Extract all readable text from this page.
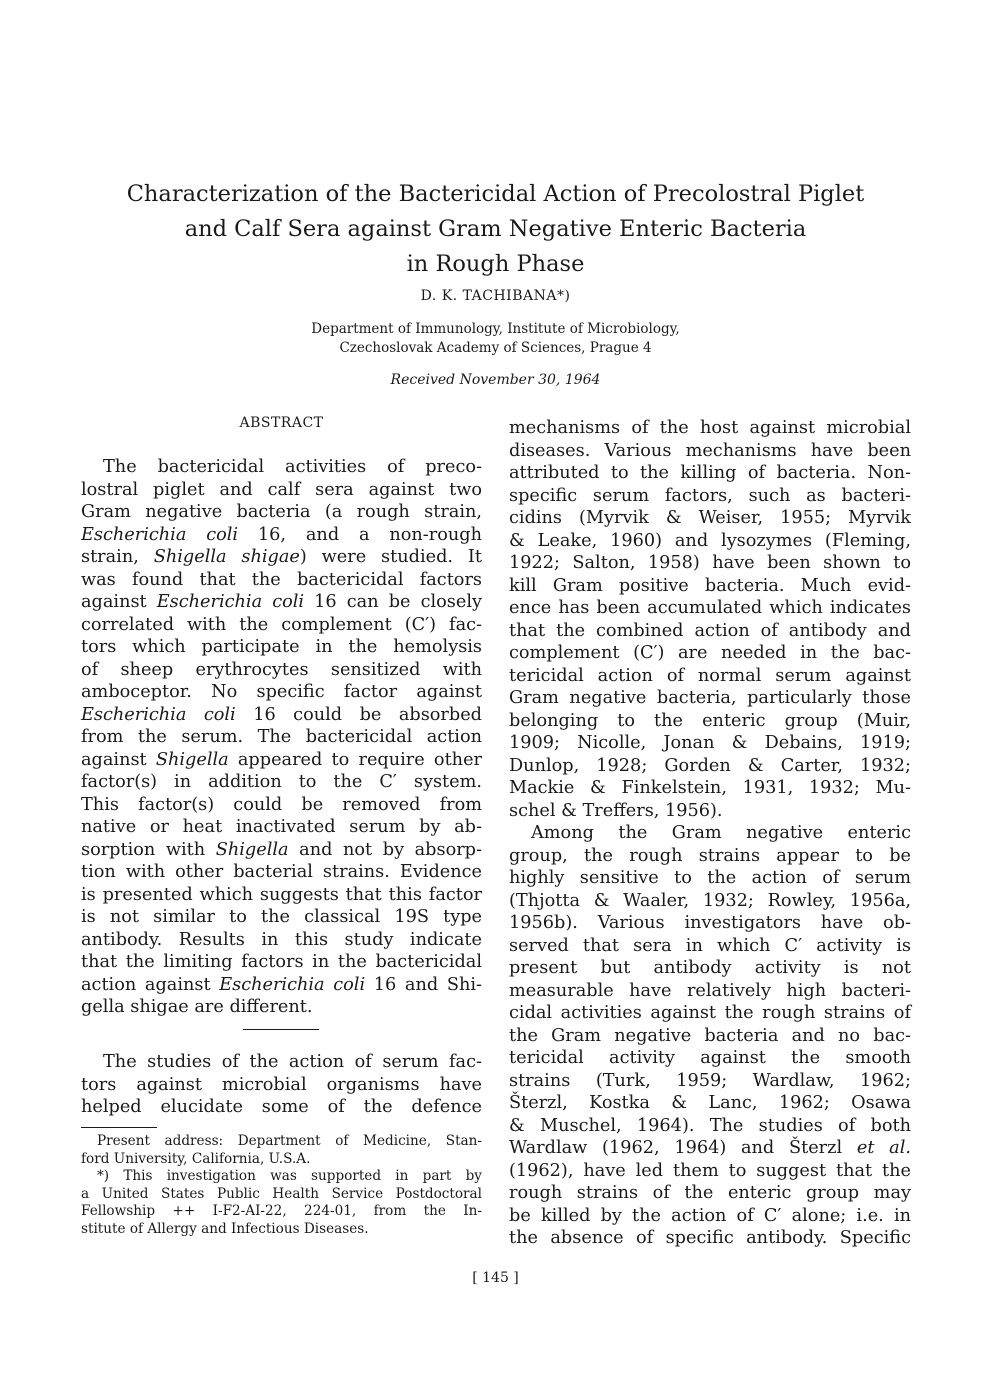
Characterization of the Bactericidal Action of Precolostral Piglet
and Calf Sera against Gram Negative Enteric Bacteria
in Rough Phase
D. K. TACHIBANA*)
Department of Immunology, Institute of Microbiology,
Czechoslovak Academy of Sciences, Prague 4
Received November 30, 1964
ABSTRACT
The bactericidal activities of preco-
lostral piglet and calf sera against two
Gram negative bacteria (a rough strain,
Escherichia coli 16, and a non-rough
strain, Shigella shigae) were studied. It
was found that the bactericidal factors
against Escherichia coli 16 can be closely
correlated with the complement (C′) fac-
tors which participate in the hemolysis
of sheep erythrocytes sensitized with
amboceptor. No specific factor against
Escherichia coli 16 could be absorbed
from the serum. The bactericidal action
against Shigella appeared to require other
factor(s) in addition to the C′ system.
This factor(s) could be removed from
native or heat inactivated serum by ab-
sorption with Shigella and not by absorp-
tion with other bacterial strains. Evidence
is presented which suggests that this factor
is not similar to the classical 19S type
antibody. Results in this study indicate
that the limiting factors in the bactericidal
action against Escherichia coli 16 and Shi-
gella shigae are different.
The studies of the action of serum fac-
tors against microbial organisms have
helped elucidate some of the defence
Present address: Department of Medicine, Stan-
ford University, California, U.S.A.
*) This investigation was supported in part by
a United States Public Health Service Postdoctoral
Fellowship ++ I-F2-AI-22, 224-01, from the In-
stitute of Allergy and Infectious Diseases.
mechanisms of the host against microbial
diseases. Various mechanisms have been
attributed to the killing of bacteria. Non-
specific serum factors, such as bacteri-
cidins (Myrvik & Weiser, 1955; Myrvik
& Leake, 1960) and lysozymes (Fleming,
1922; Salton, 1958) have been shown to
kill Gram positive bacteria. Much evid-
ence has been accumulated which indicates
that the combined action of antibody and
complement (C′) are needed in the bac-
tericidal action of normal serum against
Gram negative bacteria, particularly those
belonging to the enteric group (Muir,
1909; Nicolle, Jonan & Debains, 1919;
Dunlop, 1928; Gorden & Carter, 1932;
Mackie & Finkelstein, 1931, 1932; Mu-
schel & Treffers, 1956).
Among the Gram negative enteric
group, the rough strains appear to be
highly sensitive to the action of serum
(Thjotta & Waaler, 1932; Rowley, 1956a,
1956b). Various investigators have ob-
served that sera in which C′ activity is
present but antibody activity is not
measurable have relatively high bacteri-
cidal activities against the rough strains of
the Gram negative bacteria and no bac-
tericidal activity against the smooth
strains (Turk, 1959; Wardlaw, 1962;
Šterzl, Kostka & Lanc, 1962; Osawa
& Muschel, 1964). The studies of both
Wardlaw (1962, 1964) and Šterzl et al.
(1962), have led them to suggest that the
rough strains of the enteric group may
be killed by the action of C′ alone; i.e. in
the absence of specific antibody. Specific
[ 145 ]
